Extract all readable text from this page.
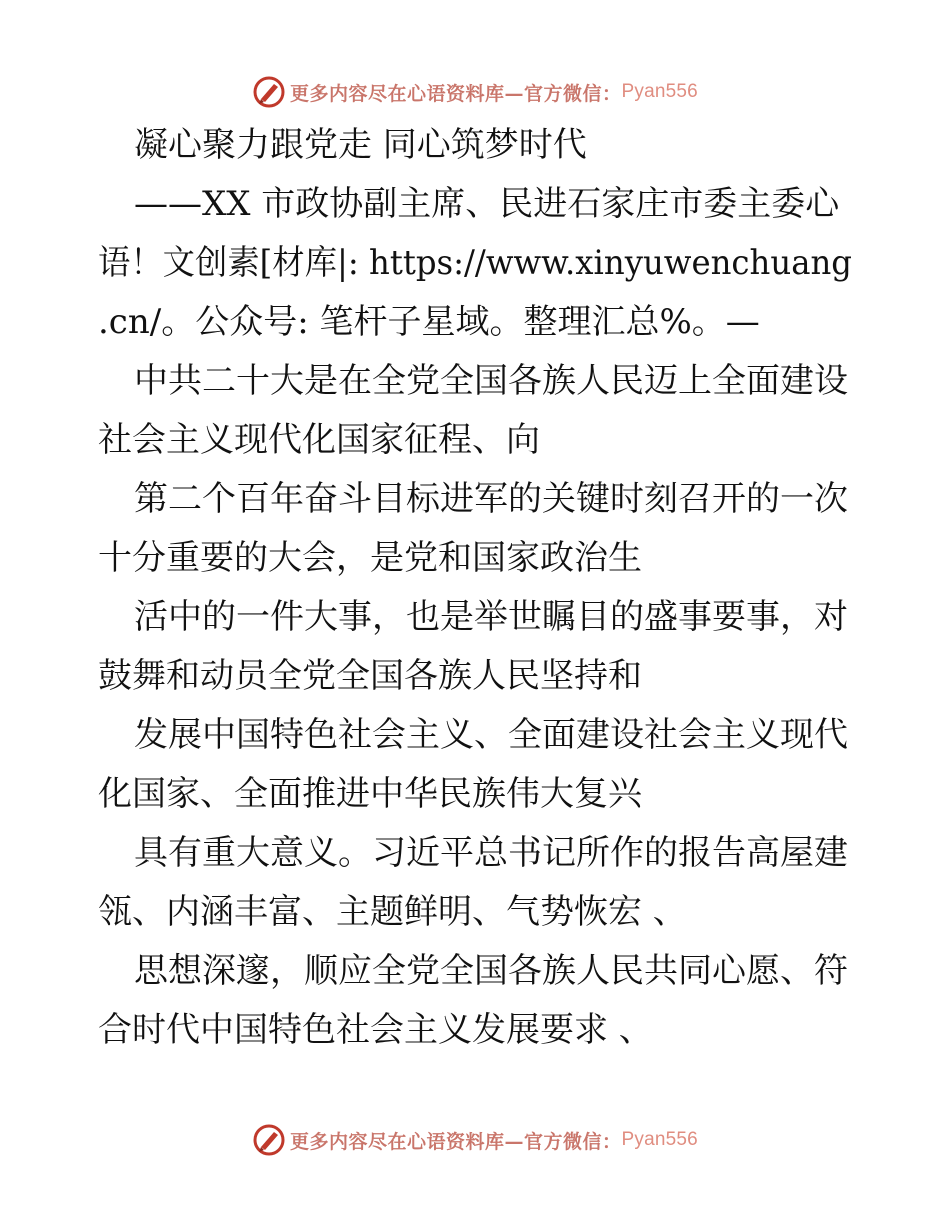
更多内容尽在心语资料库—官方微信： Pyan556
凝心聚力跟党走 同心筑梦时代
——XX 市政协副主席、民进石家庄市委主委心
语！文创素[材库|: https://www.xinyuwenchuang
.cn/。公众号: 笔杆子星域。整理汇总%。—
中共二十大是在全党全国各族人民迈上全面建设
社会主义现代化国家征程、向
第二个百年奋斗目标进军的关键时刻召开的一次
十分重要的大会，是党和国家政治生
活中的一件大事，也是举世瞩目的盛事要事，对
鼓舞和动员全党全国各族人民坚持和
发展中国特色社会主义、全面建设社会主义现代
化国家、全面推进中华民族伟大复兴
具有重大意义。习近平总书记所作的报告高屋建
瓴、内涵丰富、主题鲜明、气势恢宏 、
思想深邃，顺应全党全国各族人民共同心愿、符
合时代中国特色社会主义发展要求 、
更多内容尽在心语资料库—官方微信： Pyan556
